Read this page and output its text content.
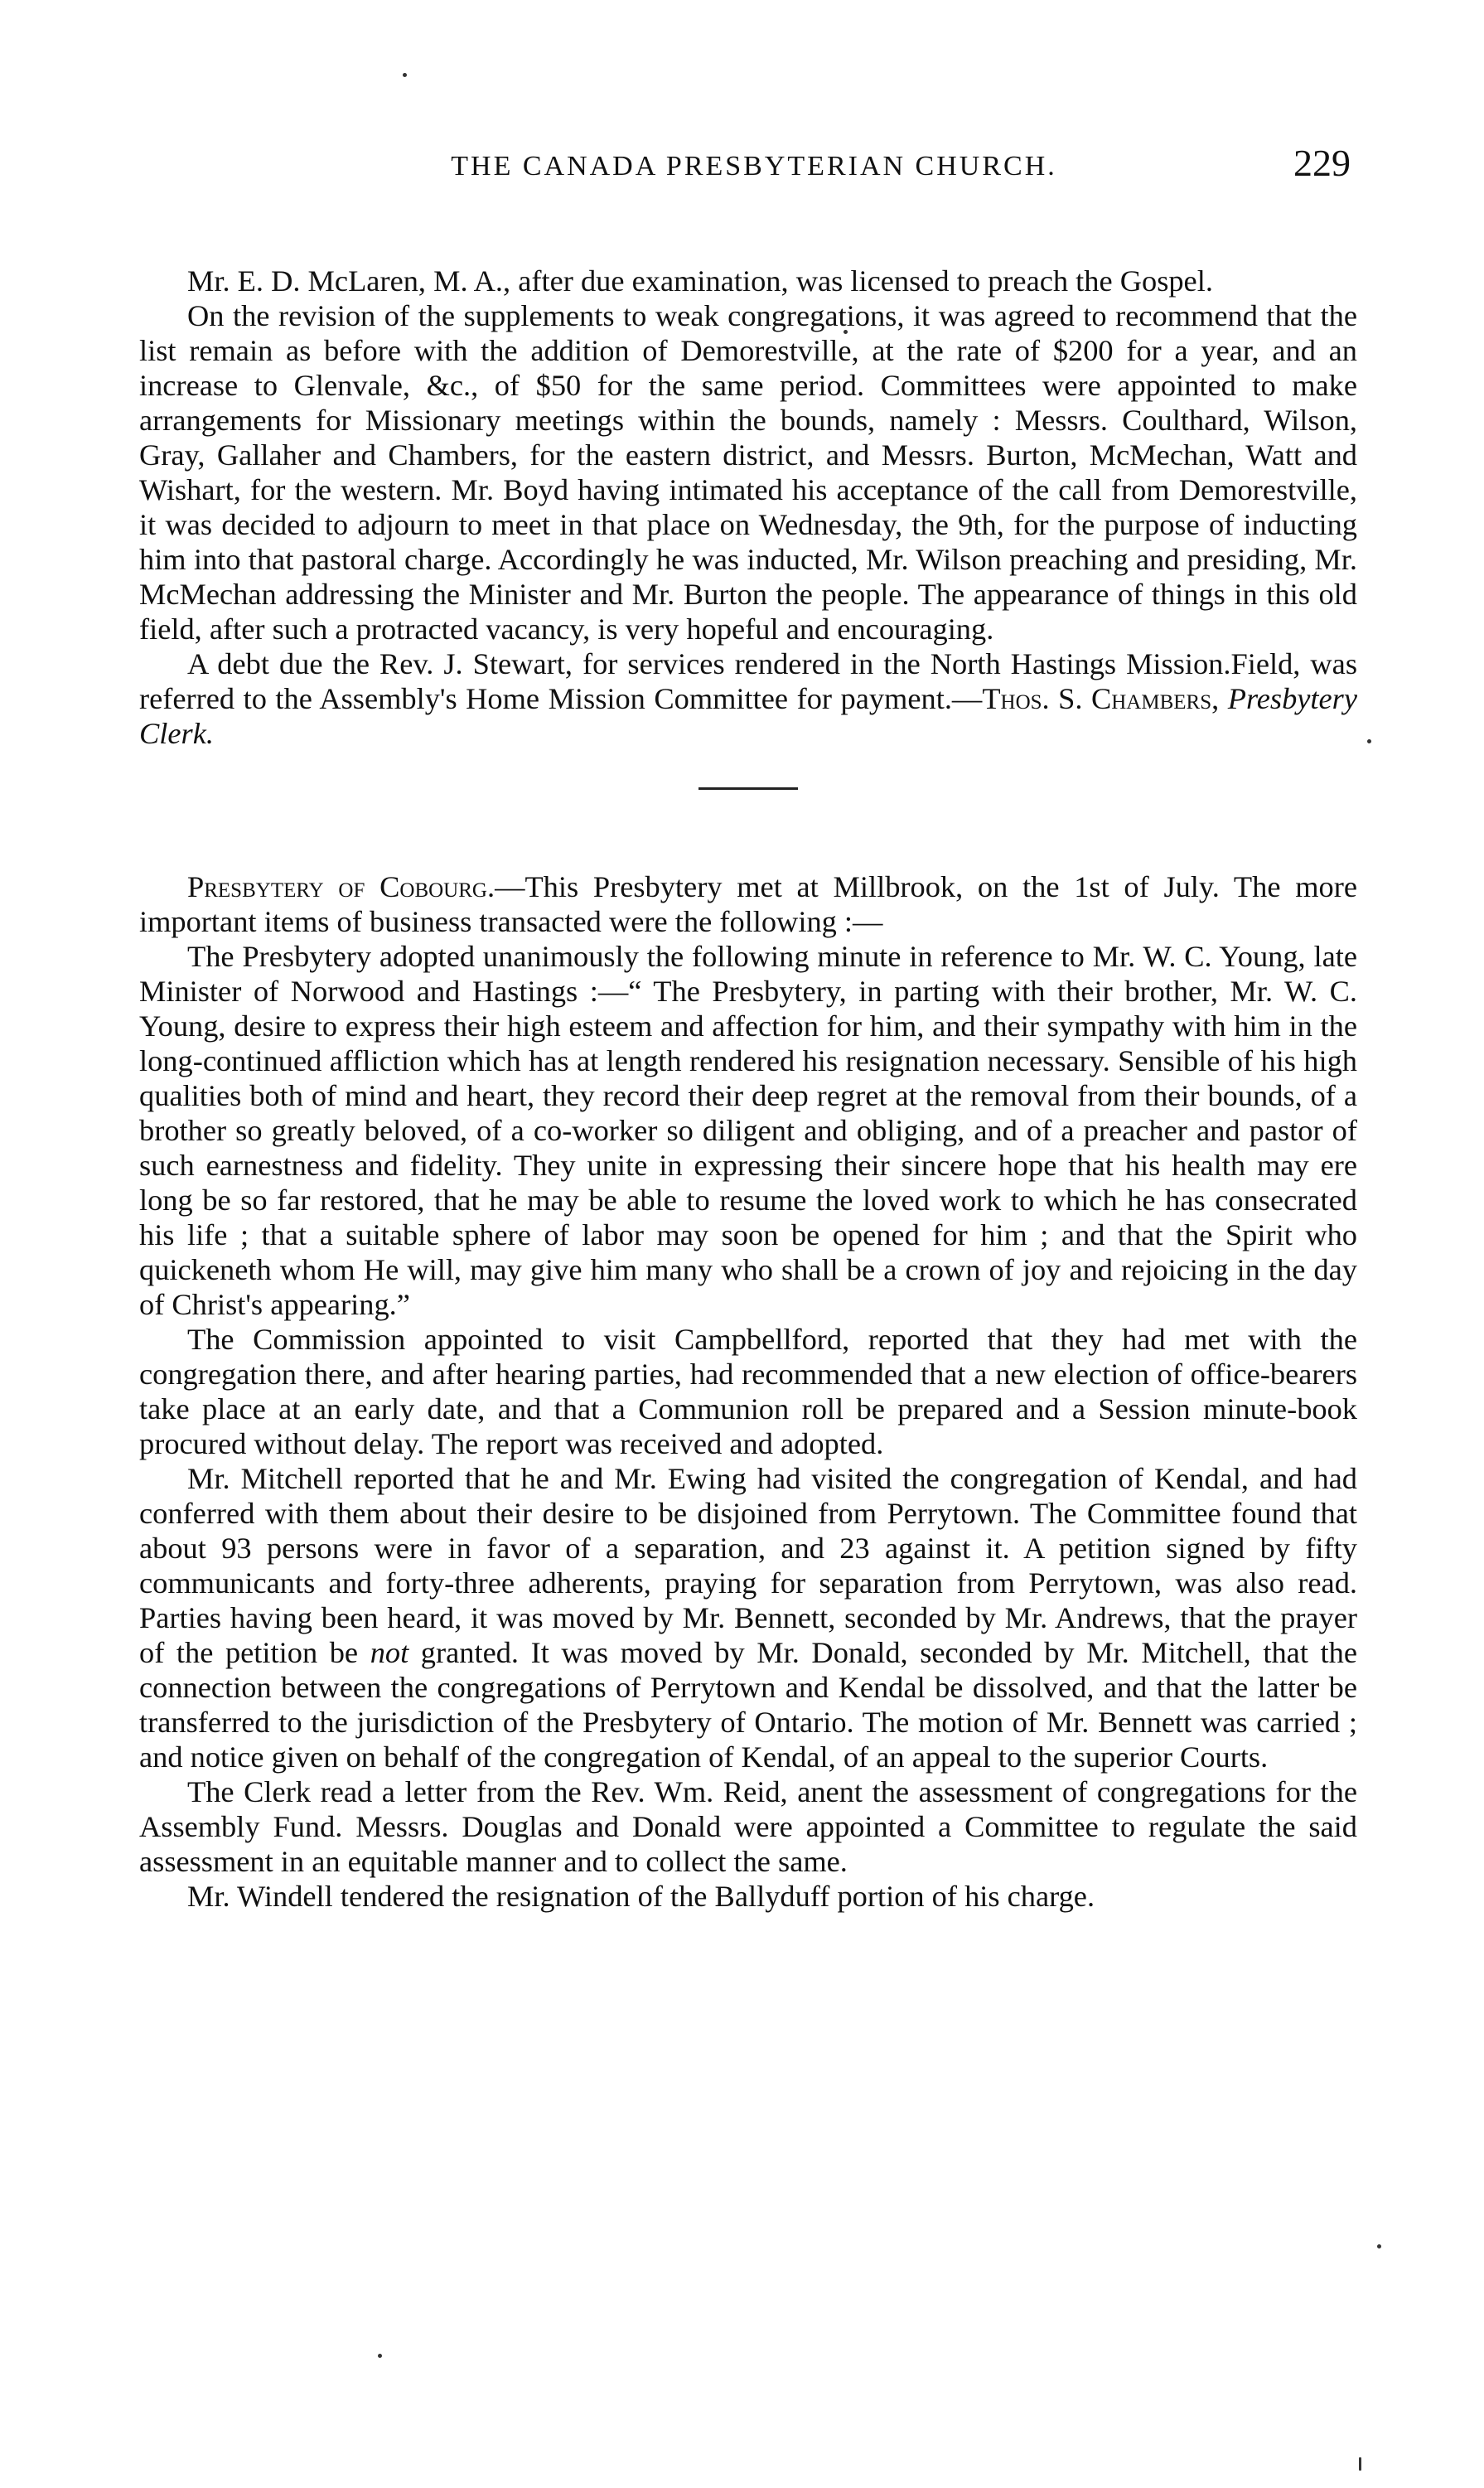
THE CANADA PRESBYTERIAN CHURCH.	229

Mr. E. D. McLaren, M. A., after due examination, was licensed to preach the Gospel.

On the revision of the supplements to weak congregations, it was agreed to recommend that the list remain as before with the addition of Demorestville, at the rate of $200 for a year, and an increase to Glenvale, &c., of $50 for the same period. Committees were appointed to make arrangements for Missionary meetings within the bounds, namely : Messrs. Coulthard, Wilson, Gray, Gallaher and Chambers, for the eastern district, and Messrs. Burton, McMechan, Watt and Wishart, for the western. Mr. Boyd having intimated his acceptance of the call from Demorestville, it was decided to adjourn to meet in that place on Wednesday, the 9th, for the purpose of inducting him into that pastoral charge. Accordingly he was inducted, Mr. Wilson preaching and presiding, Mr. McMechan addressing the Minister and Mr. Burton the people. The appearance of things in this old field, after such a protracted vacancy, is very hopeful and encouraging.

A debt due the Rev. J. Stewart, for services rendered in the North Hastings Mission.Field, was referred to the Assembly's Home Mission Committee for payment.—Thos. S. Chambers, Presbytery Clerk.

Presbytery of Cobourg.—This Presbytery met at Millbrook, on the 1st of July. The more important items of business transacted were the following :—

The Presbytery adopted unanimously the following minute in reference to Mr. W. C. Young, late Minister of Norwood and Hastings :—“ The Presbytery, in parting with their brother, Mr. W. C. Young, desire to express their high esteem and affection for him, and their sympathy with him in the long-continued affliction which has at length rendered his resignation necessary. Sensible of his high qualities both of mind and heart, they record their deep regret at the removal from their bounds, of a brother so greatly beloved, of a co-worker so diligent and obliging, and of a preacher and pastor of such earnestness and fidelity. They unite in expressing their sincere hope that his health may ere long be so far restored, that he may be able to resume the loved work to which he has consecrated his life ; that a suitable sphere of labor may soon be opened for him ; and that the Spirit who quickeneth whom He will, may give him many who shall be a crown of joy and rejoicing in the day of Christ's appearing.”

The Commission appointed to visit Campbellford, reported that they had met with the congregation there, and after hearing parties, had recommended that a new election of office-bearers take place at an early date, and that a Communion roll be prepared and a Session minute-book procured without delay. The report was received and adopted.

Mr. Mitchell reported that he and Mr. Ewing had visited the congregation of Kendal, and had conferred with them about their desire to be disjoined from Perrytown. The Committee found that about 93 persons were in favor of a separation, and 23 against it. A petition signed by fifty communicants and forty-three adherents, praying for separation from Perrytown, was also read. Parties having been heard, it was moved by Mr. Bennett, seconded by Mr. Andrews, that the prayer of the petition be not granted. It was moved by Mr. Donald, seconded by Mr. Mitchell, that the connection between the congregations of Perrytown and Kendal be dissolved, and that the latter be transferred to the jurisdiction of the Presbytery of Ontario. The motion of Mr. Bennett was carried ; and notice given on behalf of the congregation of Kendal, of an appeal to the superior Courts.

The Clerk read a letter from the Rev. Wm. Reid, anent the assessment of congregations for the Assembly Fund. Messrs. Douglas and Donald were appointed a Committee to regulate the said assessment in an equitable manner and to collect the same.

Mr. Windell tendered the resignation of the Ballyduff portion of his charge.
